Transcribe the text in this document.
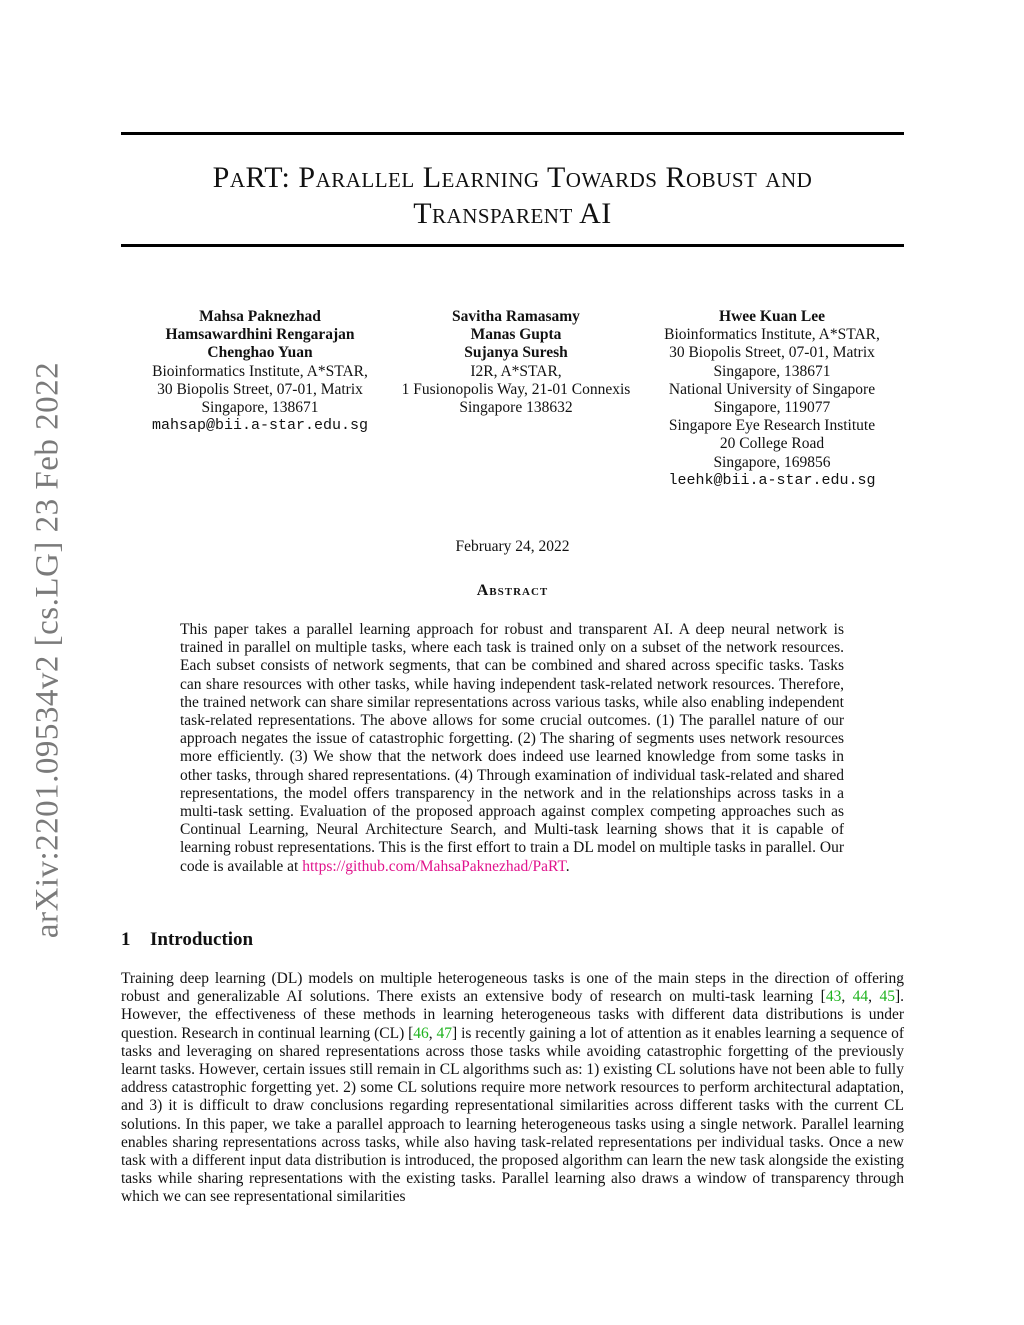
arXiv:2201.09534v2 [cs.LG] 23 Feb 2022
PaRT: Parallel Learning Towards Robust and
Transparent AI
Mahsa Paknezhad
Hamsawardhini Rengarajan
Chenghao Yuan
Bioinformatics Institute, A*STAR,
30 Biopolis Street, 07-01, Matrix
Singapore, 138671
mahsap@bii.a-star.edu.sg
Savitha Ramasamy
Manas Gupta
Sujanya Suresh
I2R, A*STAR,
1 Fusionopolis Way, 21-01 Connexis
Singapore 138632
Hwee Kuan Lee
Bioinformatics Institute, A*STAR,
30 Biopolis Street, 07-01, Matrix
Singapore, 138671
National University of Singapore
Singapore, 119077
Singapore Eye Research Institute
20 College Road
Singapore, 169856
leehk@bii.a-star.edu.sg
February 24, 2022
Abstract
This paper takes a parallel learning approach for robust and transparent AI. A deep neural network is trained in parallel on multiple tasks, where each task is trained only on a subset of the network resources. Each subset consists of network segments, that can be combined and shared across specific tasks. Tasks can share resources with other tasks, while having independent task-related network resources. Therefore, the trained network can share similar representations across various tasks, while also enabling independent task-related representations. The above allows for some crucial outcomes. (1) The parallel nature of our approach negates the issue of catastrophic forgetting. (2) The sharing of segments uses network resources more efficiently. (3) We show that the network does indeed use learned knowledge from some tasks in other tasks, through shared representations. (4) Through examination of individual task-related and shared representations, the model offers transparency in the network and in the relationships across tasks in a multi-task setting. Evaluation of the proposed approach against complex competing approaches such as Continual Learning, Neural Architecture Search, and Multi-task learning shows that it is capable of learning robust representations. This is the first effort to train a DL model on multiple tasks in parallel. Our code is available at https://github.com/MahsaPaknezhad/PaRT.
1 Introduction
Training deep learning (DL) models on multiple heterogeneous tasks is one of the main steps in the direction of offering robust and generalizable AI solutions. There exists an extensive body of research on multi-task learning [43, 44, 45]. However, the effectiveness of these methods in learning heterogeneous tasks with different data distributions is under question. Research in continual learning (CL) [46, 47] is recently gaining a lot of attention as it enables learning a sequence of tasks and leveraging on shared representations across those tasks while avoiding catastrophic forgetting of the previously learnt tasks. However, certain issues still remain in CL algorithms such as: 1) existing CL solutions have not been able to fully address catastrophic forgetting yet. 2) some CL solutions require more network resources to perform architectural adaptation, and 3) it is difficult to draw conclusions regarding representational similarities across different tasks with the current CL solutions. In this paper, we take a parallel approach to learning heterogeneous tasks using a single network. Parallel learning enables sharing representations across tasks, while also having task-related representations per individual tasks. Once a new task with a different input data distribution is introduced, the proposed algorithm can learn the new task alongside the existing tasks while sharing representations with the existing tasks. Parallel learning also draws a window of transparency through which we can see representational similarities
